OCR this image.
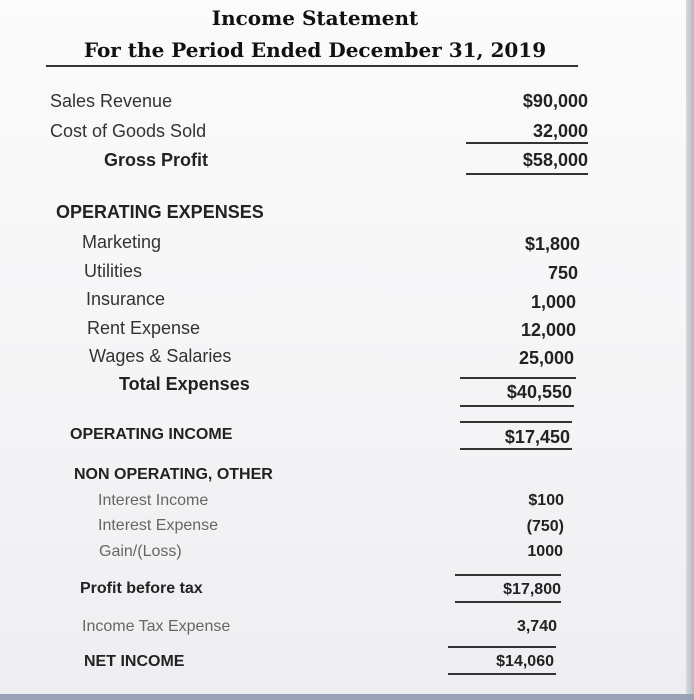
Income Statement
For the Period Ended December 31, 2019
Sales Revenue	$90,000
Cost of Goods Sold	32,000
Gross Profit	$58,000
OPERATING EXPENSES
Marketing	$1,800
Utilities	750
Insurance	1,000
Rent Expense	12,000
Wages & Salaries	25,000
Total Expenses	$40,550
OPERATING INCOME	$17,450
NON OPERATING, OTHER
Interest Income	$100
Interest Expense	(750)
Gain/(Loss)	1000
Profit before tax	$17,800
Income Tax Expense	3,740
NET INCOME	$14,060
